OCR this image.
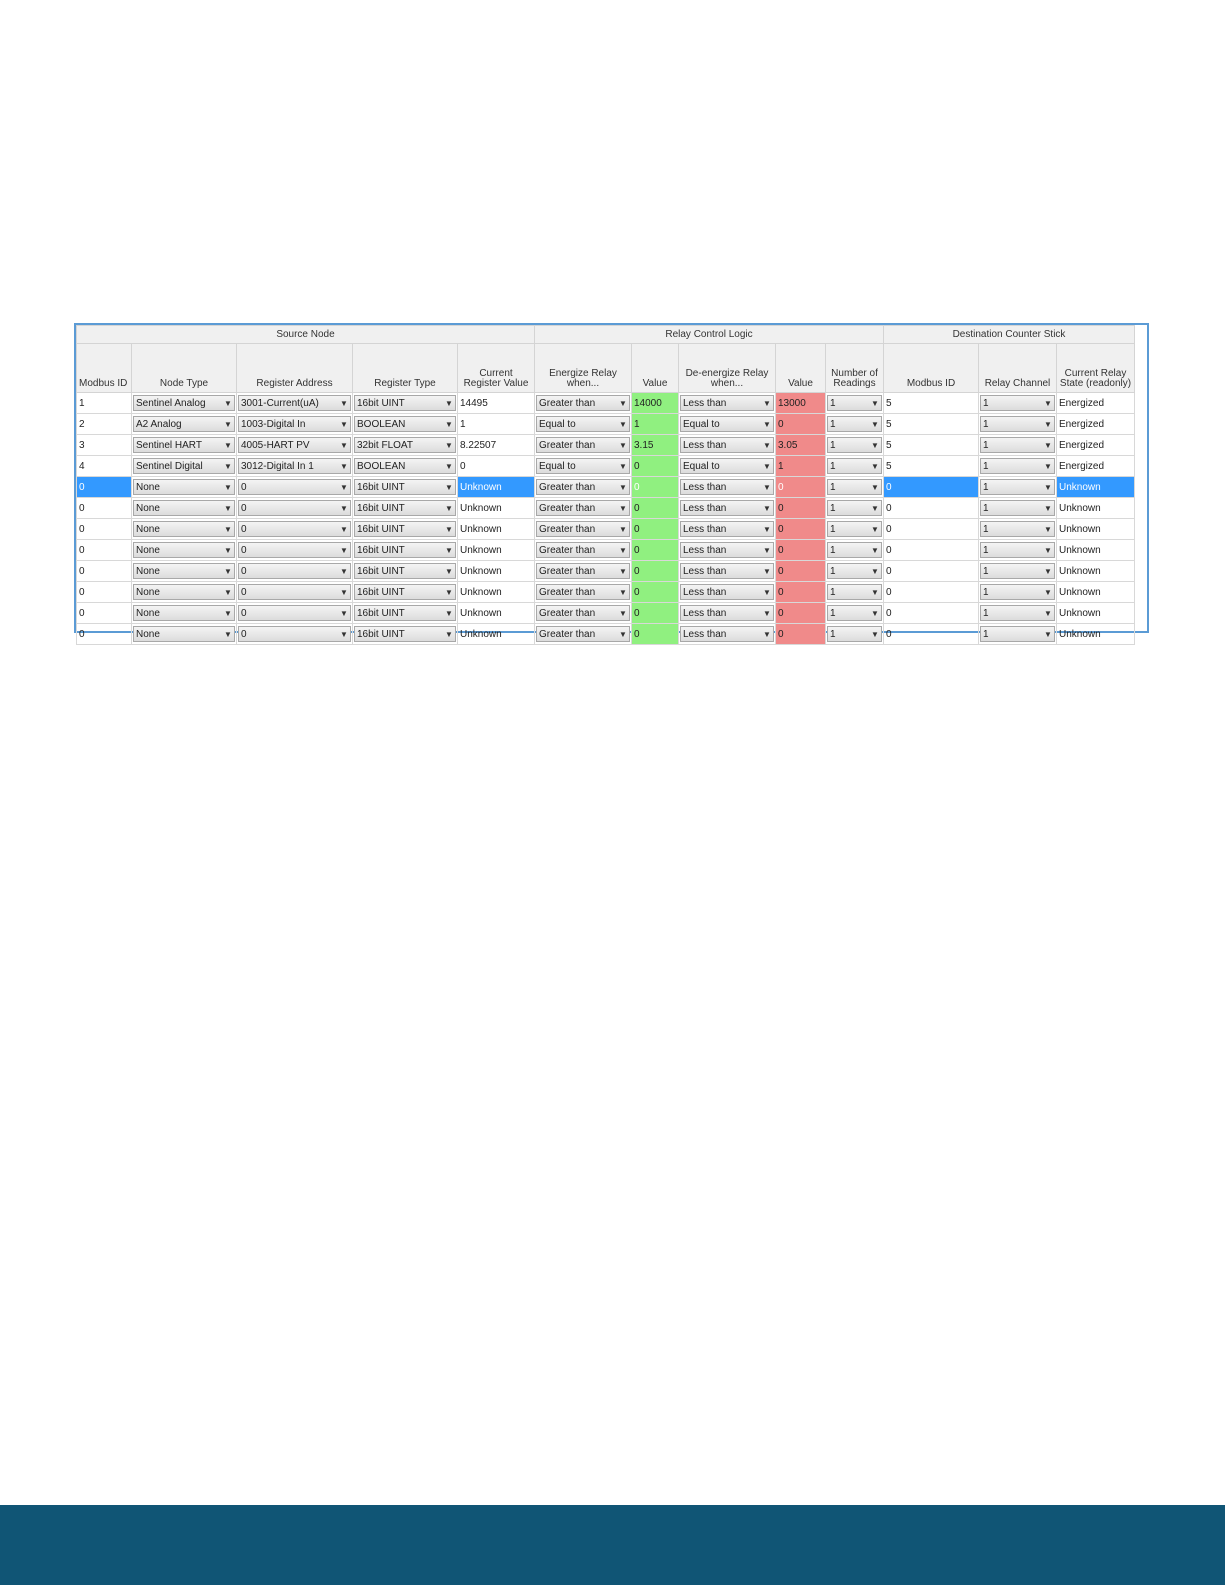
Source Node					Relay Control Logic					Destination Counter Stick		
Modbus ID	Node Type	Register Address	Register Type	Current Register Value	Energize Relay when...	Value	De-energize Relay when...	Value	Number of Readings	Modbus ID	Relay Channel	Current Relay State (readonly)
1	Sentinel Analog ▼	3001-Current(uA) ▼	16bit UINT ▼	14495	Greater than ▼	14000	Less than ▼	13000	1 ▼	5	1 ▼	Energized
2	A2 Analog ▼	1003-Digital In ▼	BOOLEAN ▼	1	Equal to ▼	1	Equal to ▼	0	1 ▼	5	1 ▼	Energized
3	Sentinel HART ▼	4005-HART PV ▼	32bit FLOAT ▼	8.22507	Greater than ▼	3.15	Less than ▼	3.05	1 ▼	5	1 ▼	Energized
4	Sentinel Digital ▼	3012-Digital In 1 ▼	BOOLEAN ▼	0	Equal to ▼	0	Equal to ▼	1	1 ▼	5	1 ▼	Energized
0	None ▼	0 ▼	16bit UINT ▼	Unknown	Greater than ▼	0	Less than ▼	0	1 ▼	0	1 ▼	Unknown
0	None ▼	0 ▼	16bit UINT ▼	Unknown	Greater than ▼	0	Less than ▼	0	1 ▼	0	1 ▼	Unknown
0	None ▼	0 ▼	16bit UINT ▼	Unknown	Greater than ▼	0	Less than ▼	0	1 ▼	0	1 ▼	Unknown
0	None ▼	0 ▼	16bit UINT ▼	Unknown	Greater than ▼	0	Less than ▼	0	1 ▼	0	1 ▼	Unknown
0	None ▼	0 ▼	16bit UINT ▼	Unknown	Greater than ▼	0	Less than ▼	0	1 ▼	0	1 ▼	Unknown
0	None ▼	0 ▼	16bit UINT ▼	Unknown	Greater than ▼	0	Less than ▼	0	1 ▼	0	1 ▼	Unknown
0	None ▼	0 ▼	16bit UINT ▼	Unknown	Greater than ▼	0	Less than ▼	0	1 ▼	0	1 ▼	Unknown
0	None ▼	0 ▼	16bit UINT ▼	Unknown	Greater than ▼	0	Less than ▼	0	1 ▼	0	1 ▼	Unknown
